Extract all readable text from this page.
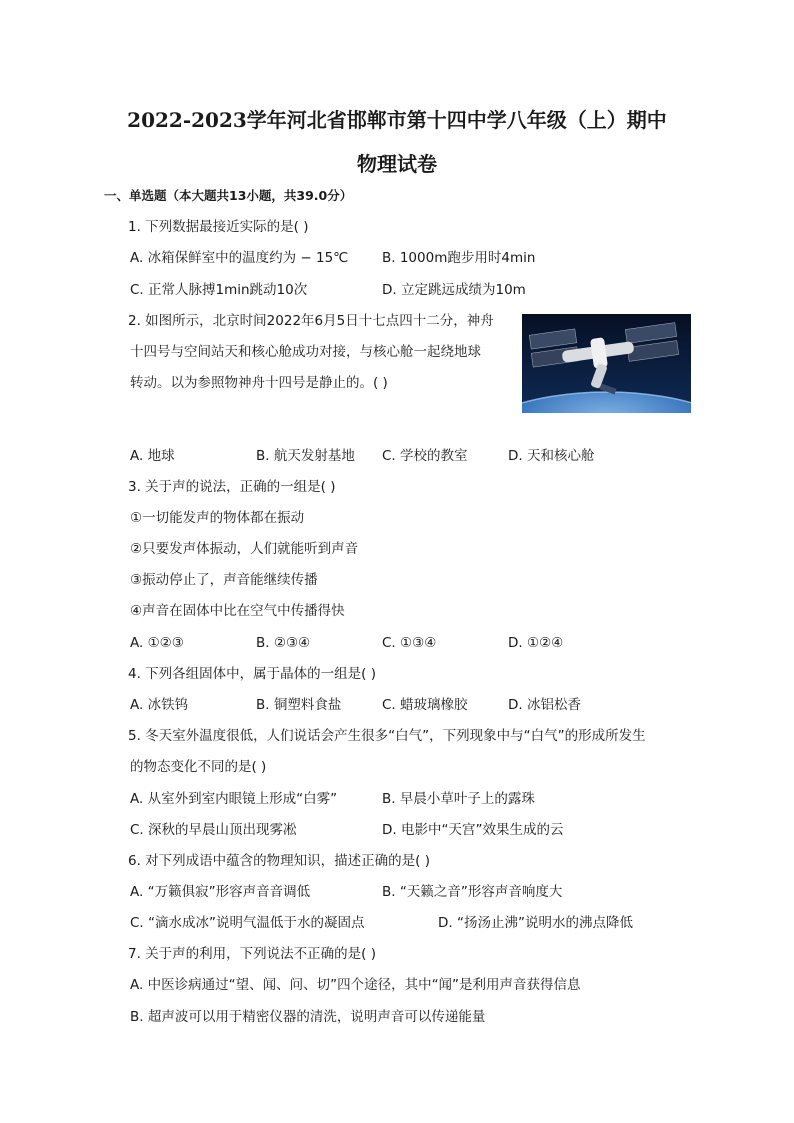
2022-2023学年河北省邯郸市第十四中学八年级（上）期中
物理试卷
一、单选题（本大题共13小题，共39.0分）
1. 下列数据最接近实际的是( )
A. 冰箱保鲜室中的温度约为 − 15℃ B. 1000m跑步用时4min
C. 正常人脉搏1min跳动10次	D. 立定跳远成绩为10m
2. 如图所示，北京时间2022年6月5日十七点四十二分，神舟
十四号与空间站天和核心舱成功对接，与核心舱一起绕地球
转动。以为参照物神舟十四号是静止的。( )
A. 地球	B. 航天发射基地 C. 学校的教室	D. 天和核心舱
3. 关于声的说法，正确的一组是( )
①一切能发声的物体都在振动
②只要发声体振动，人们就能听到声音
③振动停止了，声音能继续传播
④声音在固体中比在空气中传播得快
A. ①②③	B. ②③④	C. ①③④	D. ①②④
4. 下列各组固体中，属于晶体的一组是( )
A. 冰铁钨	B. 铜塑料食盐	C. 蜡玻璃橡胶	D. 冰铝松香
5. 冬天室外温度很低，人们说话会产生很多“白气”，下列现象中与“白气”的形成所发生
的物态变化不同的是( )
A. 从室外到室内眼镜上形成“白雾”	B. 早晨小草叶子上的露珠
C. 深秋的早晨山顶出现雾凇	D. 电影中“天宫”效果生成的云
6. 对下列成语中蕴含的物理知识，描述正确的是( )
A. “万籁俱寂”形容声音音调低	B. “天籁之音”形容声音响度大
C. “滴水成冰”说明气温低于水的凝固点	D. “扬汤止沸”说明水的沸点降低
7. 关于声的利用，下列说法不正确的是( )
A. 中医诊病通过“望、闻、问、切”四个途径，其中“闻”是利用声音获得信息
B. 超声波可以用于精密仪器的清洗，说明声音可以传递能量
